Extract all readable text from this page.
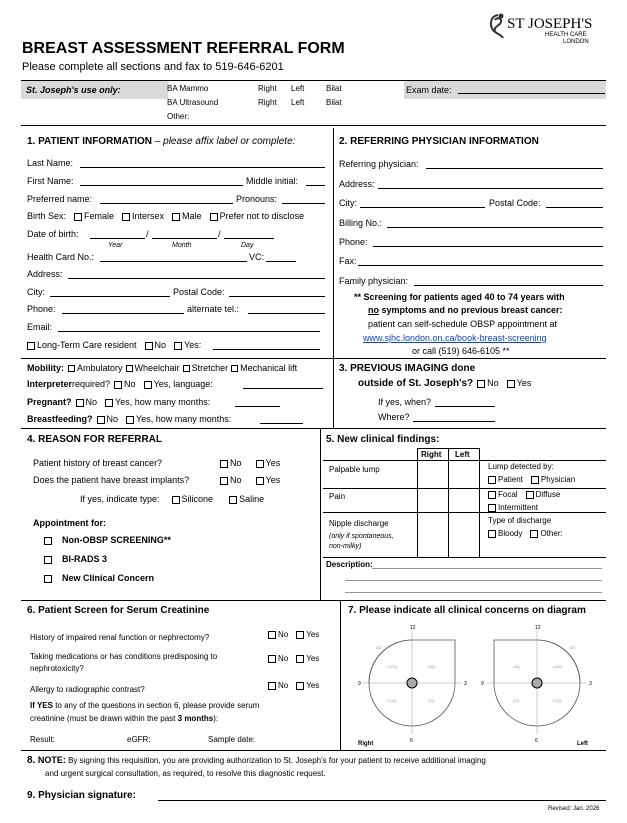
ST JOSEPH'S
HEALTH CARE
LONDON
BREAST ASSESSMENT REFERRAL FORM
Please complete all sections and fax to 519-646-6201
St. Joseph's use only:	BA Mammo	Right Left	Bilat
BA Ultrasound	Right Left	Bilat
Other:
Exam date:
1. PATIENT INFORMATION – please affix label or complete:
Last Name:
First Name:	Middle initial:
Preferred name:	Pronouns:
Birth Sex: Female Intersex Male Prefer not to disclose
Date of birth:	/	/
Year	Month	Day
Health Card No.:	VC:
Address:
City:	Postal Code:
Phone:	alternate tel.:
Email:
Long-Term Care resident No Yes:
2. REFERRING PHYSICIAN INFORMATION
Referring physician:
Address:
City:	Postal Code:
Billing No.:
Phone:
Fax:
Family physician:
** Screening for patients aged 40 to 74 years with
no symptoms and no previous breast cancer:
patient can self-schedule OBSP appointment at
www.sjhc.london.on.ca/book-breast-screening
or call (519) 646-6105 **
Mobility: Ambulatory Wheelchair Stretcher Mechanical lift
Interpreter required? No Yes, language:
Pregnant? No Yes, how many months:
Breastfeeding? No Yes, how many months:
3. PREVIOUS IMAGING done
outside of St. Joseph's? No Yes
If yes, when?
Where?
4. REASON FOR REFERRAL
Patient history of breast cancer?	No	Yes
Does the patient have breast implants?	No	Yes
If yes, indicate type: Silicone	Saline
Appointment for:
Non-OBSP SCREENING**
BI-RADS 3
New Clinical Concern
5. New clinical findings:
Right Left
Palpable lump
Pain
Nipple discharge
(only if spontaneous,
non-milky)
Lump detected by:
Patient Physician
Focal Diffuse
Intermittent
Type of discharge
Bloody Other:
Description:
6. Patient Screen for Serum Creatinine
History of impaired renal function or nephrectomy?	No Yes
Taking medications or has conditions predisposing to
nephrotoxicity?
No Yes
Allergy to radiographic contrast?	No Yes
If YES to any of the questions in section 6, please provide serum
creatinine (must be drawn within the past 3 months):
Result:	eGFR:	Sample date:
7. Please indicate all clinical concerns on diagram
12
3
6
9
12
3
6
9
AX
UOQ	UIQ
LOQ	LIQ
AX
UIQ	UOQ
LIQ	LOQ
Right	Left
8. NOTE: By signing this requisition, you are providing authorization to St. Joseph's for your patient to receive additional imaging
and urgent surgical consultation, as required, to resolve this diagnostic request.
9. Physician signature:
Revised: Jan. 2026
